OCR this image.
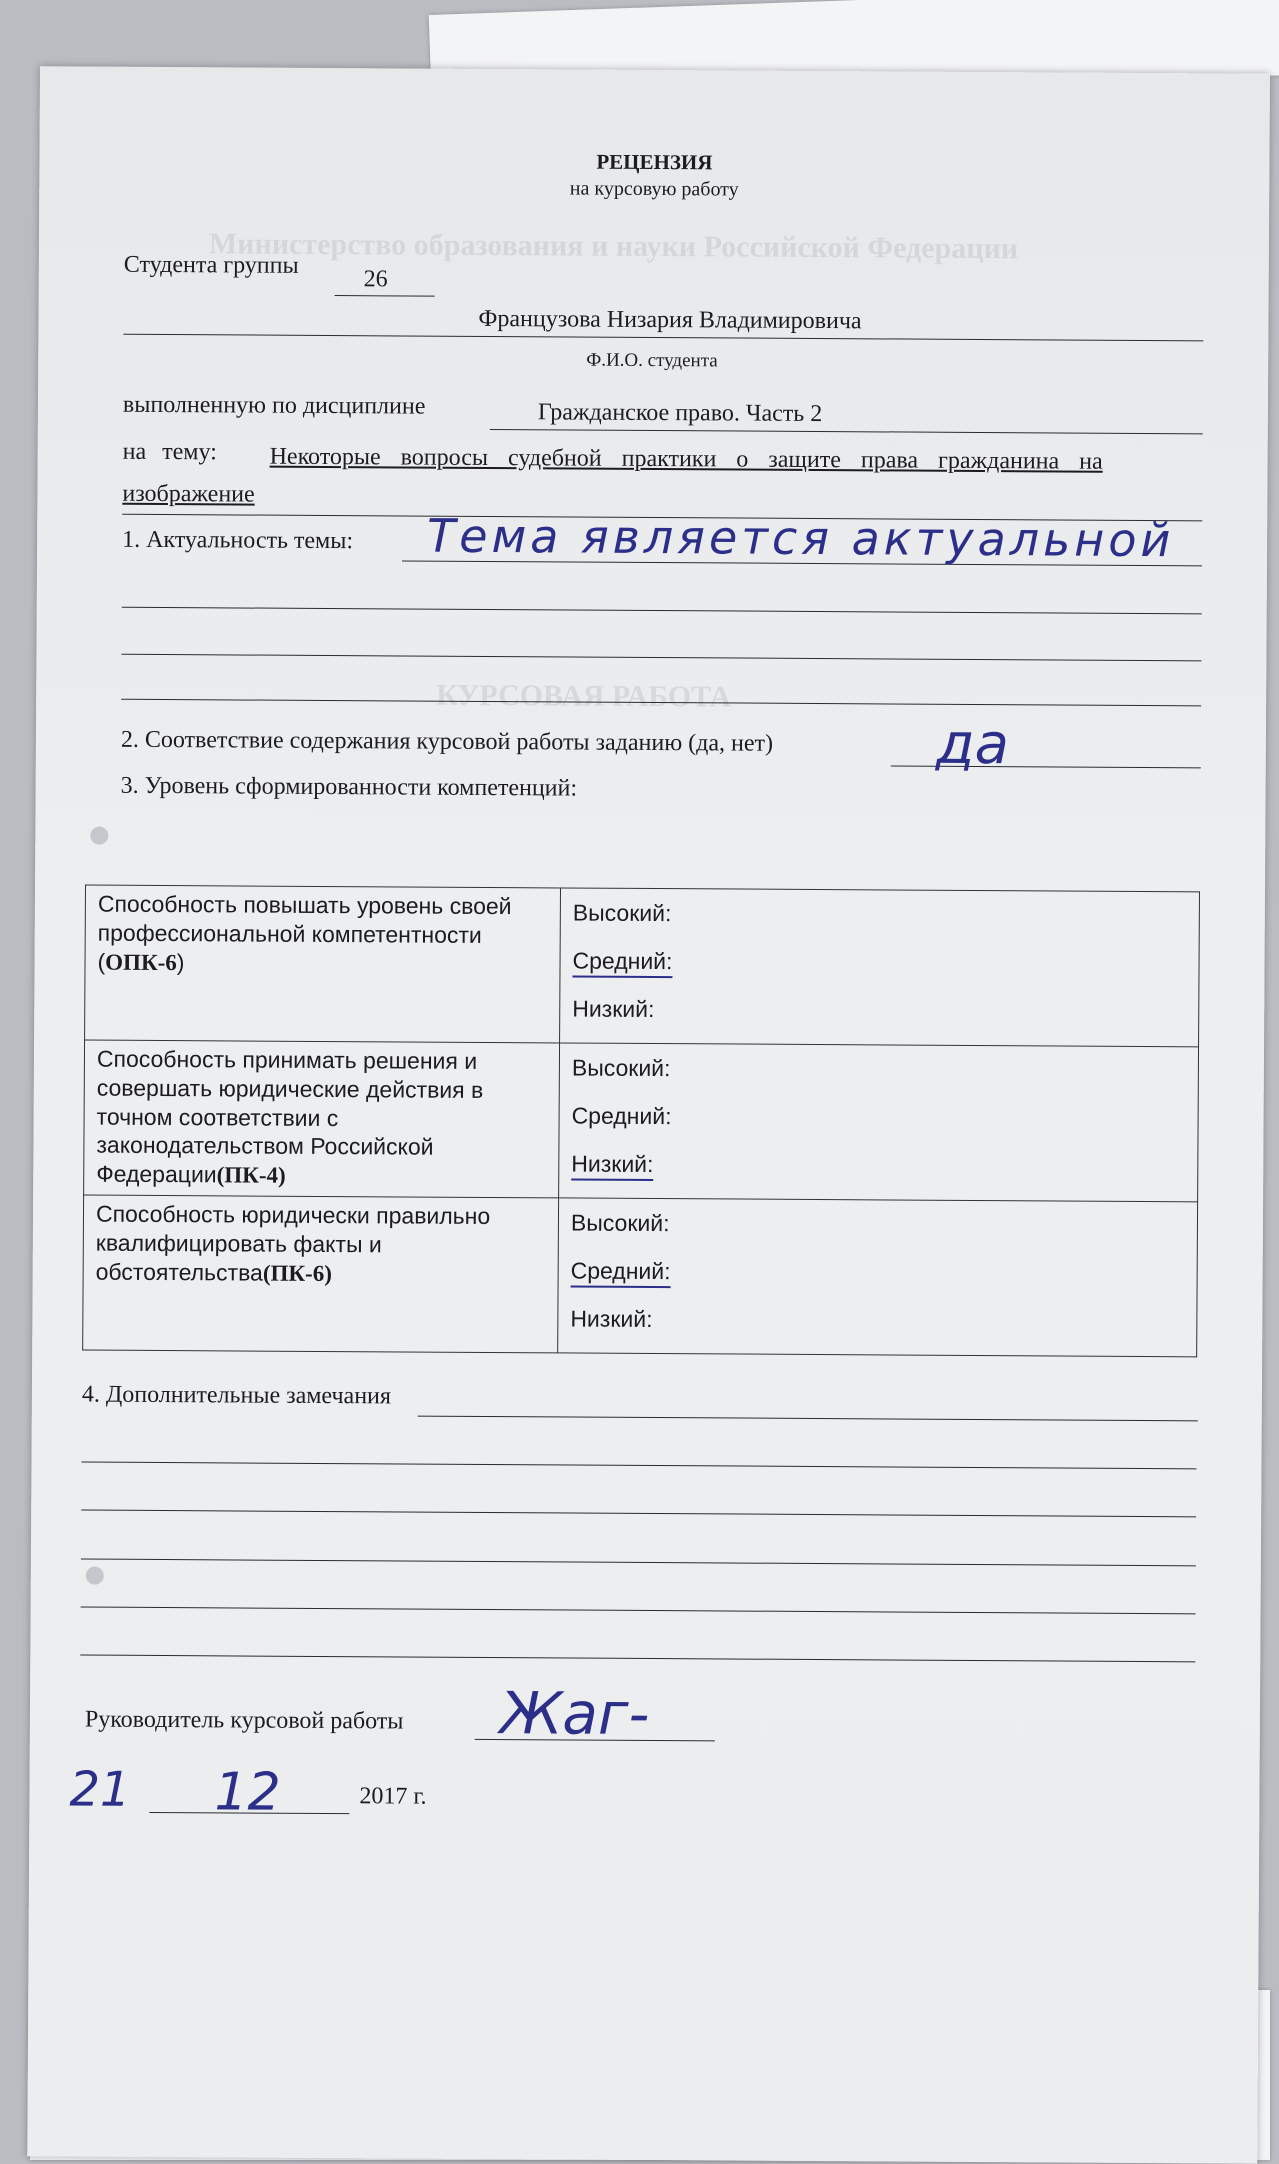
Министерство образования и науки Российской Федерации
КУРСОВАЯ РАБОТА
РЕЦЕНЗИЯ
на курсовую работу
Студента группы
26
Французова Низария Владимировича
Ф.И.О. студента
выполненную по дисциплине	Гражданское право. Часть 2
на тему: Некоторые вопросы судебной практики о защите права гражданина на
изображение
1. Актуальность темы: Тема является актуальной
2. Соответствие содержания курсовой работы заданию (да, нет)	да
3. Уровень сформированности компетенций:
Способность повышать уровень своей профессиональной компетентности (ОПК-6)	Высокий:
Средний:
Низкий:

Способность принимать решения и совершать юридические действия в точном соответствии с законодательством Российской Федерации(ПК-4)	Высокий:
Средний:
Низкий:

Способность юридически правильно квалифицировать факты и обстоятельства(ПК-6)	Высокий:
Средний:
Низкий:
4. Дополнительные замечания
Руководитель курсовой работы Жаг-
21 12	2017 г.
